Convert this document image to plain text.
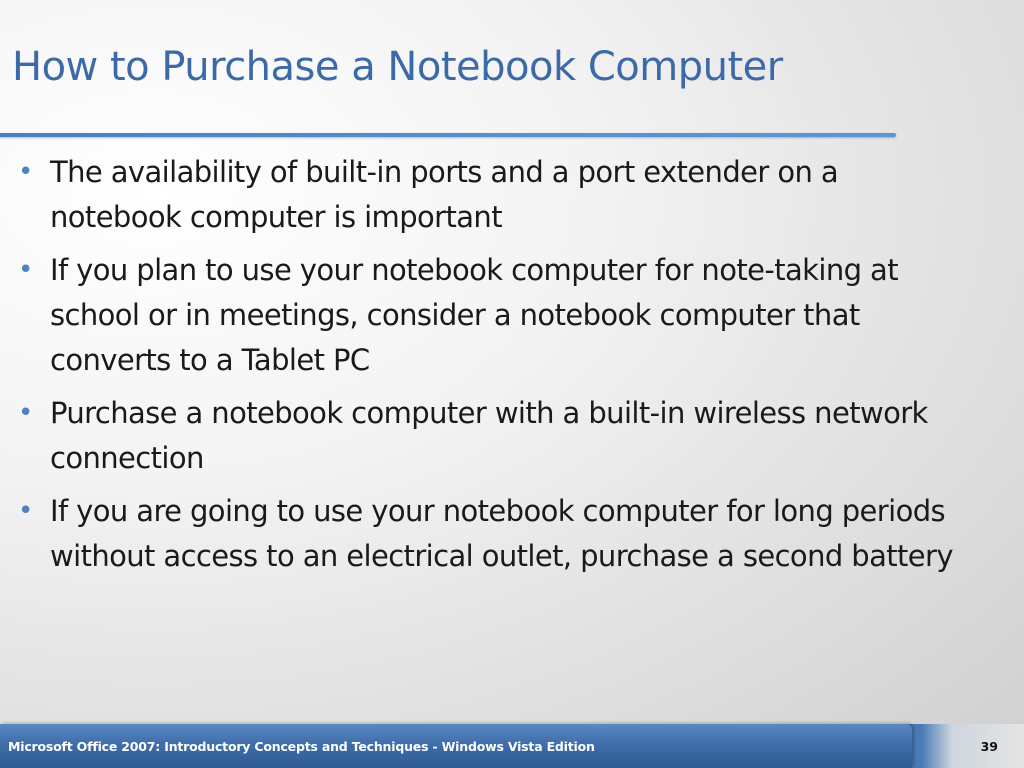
How to Purchase a Notebook Computer
• The availability of built-in ports and a port extender on a notebook computer is important
• If you plan to use your notebook computer for note-taking at school or in meetings, consider a notebook computer that converts to a Tablet PC
• Purchase a notebook computer with a built-in wireless network connection
• If you are going to use your notebook computer for long periods without access to an electrical outlet, purchase a second battery
Microsoft Office 2007: Introductory Concepts and Techniques - Windows Vista Edition	39
